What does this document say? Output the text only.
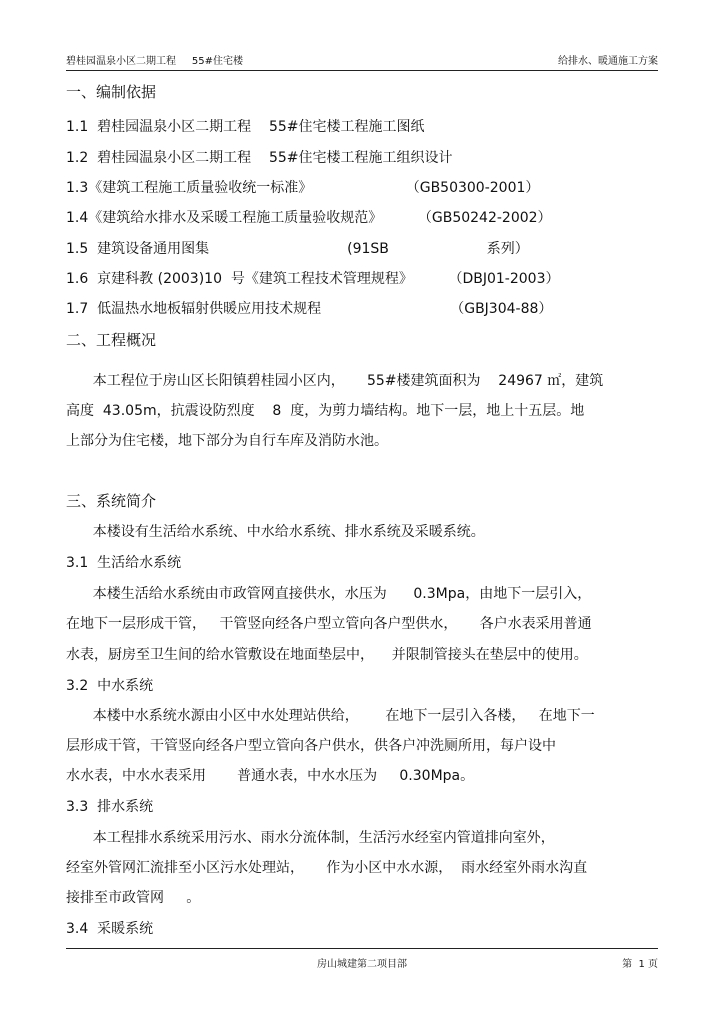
碧桂园温泉小区二期工程     55#住宅楼	给排水、暖通施工方案
一、编制依据
1.1  碧桂园温泉小区二期工程    55#住宅楼工程施工图纸
1.2  碧桂园温泉小区二期工程    55#住宅楼工程施工组织设计
1.3《建筑工程施工质量验收统一标准》                     （GB50300-2001）
1.4《建筑给水排水及采暖工程施工质量验收规范》        （GB50242-2002）
1.5  建筑设备通用图集                               (91SB                      系列）
1.6  京建科教 (2003)10  号《建筑工程技术管理规程》        （DBJ01-2003）
1.7  低温热水地板辐射供暖应用技术规程                             （GBJ304-88）
二、工程概况
本工程位于房山区长阳镇碧桂园小区内，     55#楼建筑面积为    24967 ㎡，建筑
高度  43.05m，抗震设防烈度    8  度，为剪力墙结构。地下一层，地上十五层。地
上部分为住宅楼，地下部分为自行车库及消防水池。
三、系统简介
本楼设有生活给水系统、中水给水系统、排水系统及采暖系统。
3.1  生活给水系统
本楼生活给水系统由市政管网直接供水，水压为      0.3Mpa，由地下一层引入，
在地下一层形成干管，   干管竖向经各户型立管向各户型供水，     各户水表采用普通
水表，厨房至卫生间的给水管敷设在地面垫层中，    并限制管接头在垫层中的使用。
3.2  中水系统
本楼中水系统水源由小区中水处理站供给，      在地下一层引入各楼，   在地下一
层形成干管，干管竖向经各户型立管向各户供水，供各户冲洗厕所用，每户设中
水水表，中水水表采用       普通水表，中水水压为     0.30Mpa。
3.3  排水系统
本工程排水系统采用污水、雨水分流体制，生活污水经室内管道排向室外，
经室外管网汇流排至小区污水处理站，     作为小区中水水源，  雨水经室外雨水沟直
接排至市政管网     。
3.4  采暖系统
房山城建第二项目部	第  1 页
